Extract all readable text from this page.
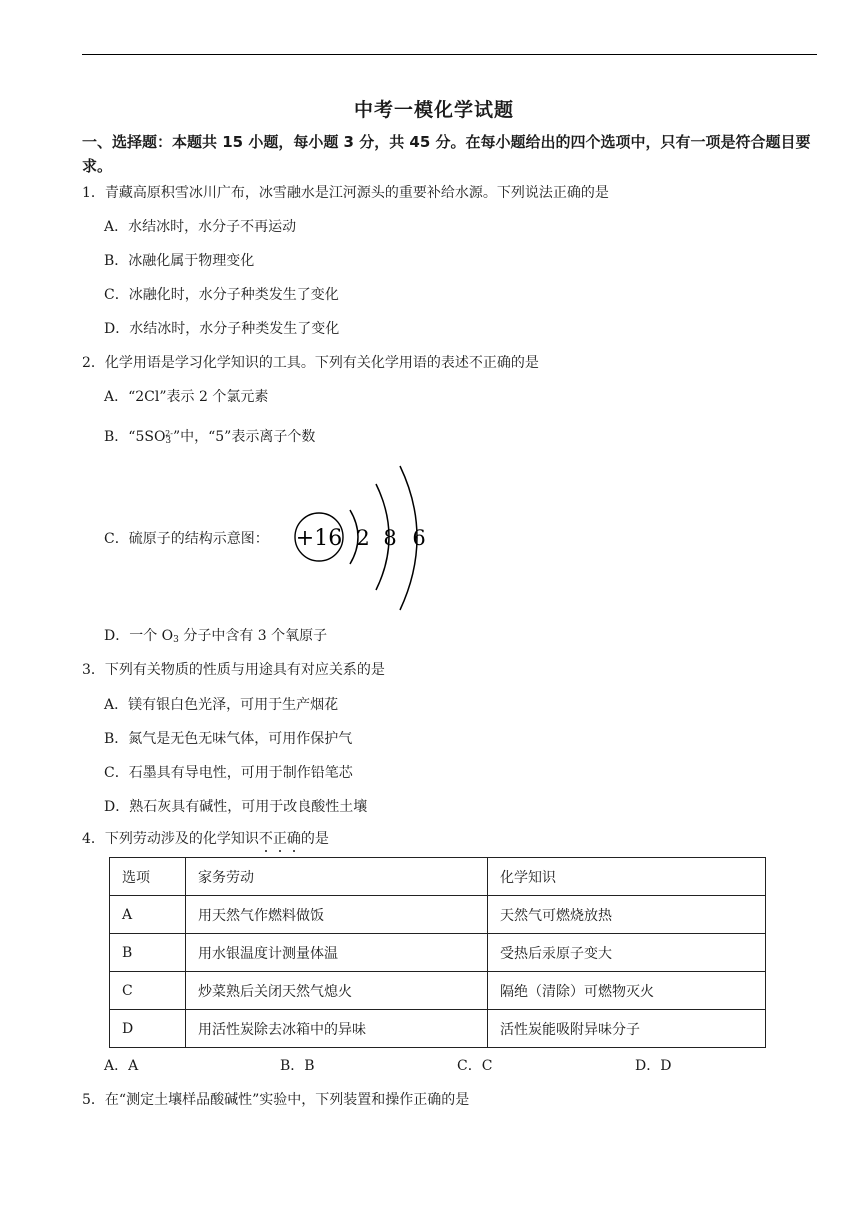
中考一模化学试题
一、选择题：本题共 15 小题，每小题 3 分，共 45 分。在每小题给出的四个选项中，只有一项是符合题目要求。
1．青藏高原积雪冰川广布，冰雪融水是江河源头的重要补给水源。下列说法正确的是
A．水结冰时，水分子不再运动
B．冰融化属于物理变化
C．冰融化时，水分子种类发生了变化
D．水结冰时，水分子种类发生了变化
2．化学用语是学习化学知识的工具。下列有关化学用语的表述不正确的是
A．“2Cl”表示 2 个氯元素
B．“$5SO_3^{2-}$”中，“5”表示离子个数
C．硫原子的结构示意图： +16 2 8 6
D．一个 $O_3$ 分子中含有 3 个氧原子
3．下列有关物质的性质与用途具有对应关系的是
A．镁有银白色光泽，可用于生产烟花
B．氮气是无色无味气体，可用作保护气
C．石墨具有导电性，可用于制作铅笔芯
D．熟石灰具有碱性，可用于改良酸性土壤
4．下列劳动涉及的化学知识不正确的是
选项	家务劳动	化学知识
A	用天然气作燃料做饭	天然气可燃烧放热
B	用水银温度计测量体温	受热后汞原子变大
C	炒菜熟后关闭天然气熄火	隔绝（清除）可燃物灭火
D	用活性炭除去冰箱中的异味	活性炭能吸附异味分子
A．A	B．B	C．C	D．D
5．在“测定土壤样品酸碱性”实验中，下列装置和操作正确的是
